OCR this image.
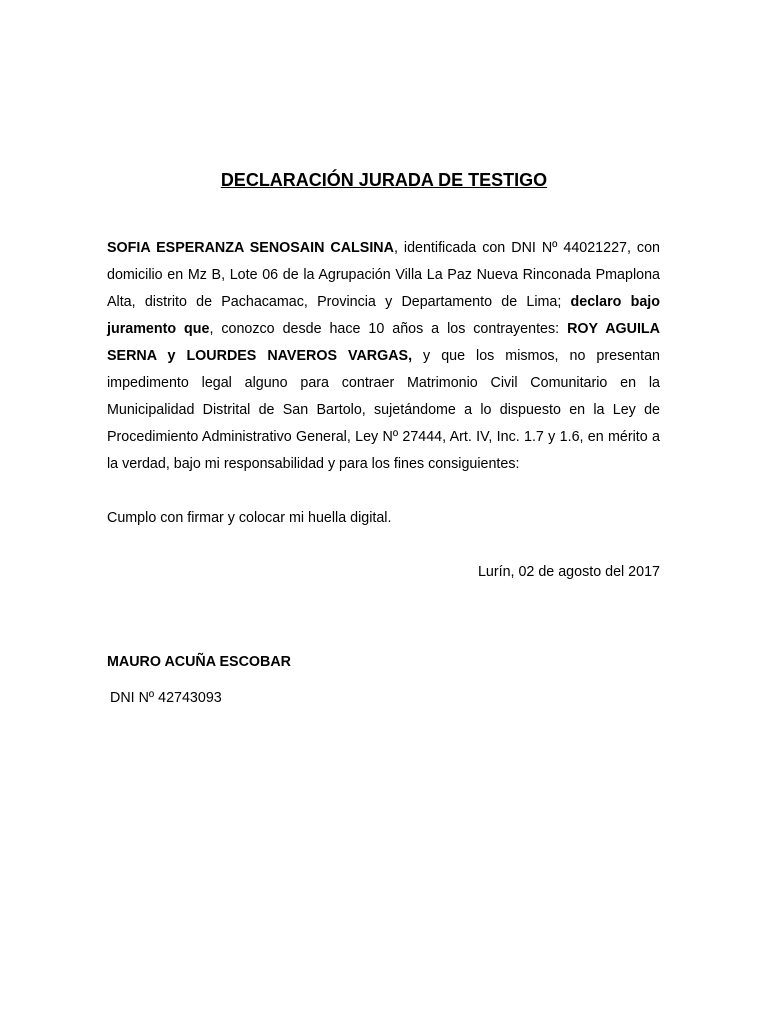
DECLARACIÓN JURADA DE TESTIGO
SOFIA ESPERANZA SENOSAIN CALSINA, identificada con DNI Nº 44021227, con domicilio en Mz B, Lote 06 de la Agrupación Villa La Paz Nueva Rinconada Pmaplona Alta, distrito de Pachacamac, Provincia y Departamento de Lima; declaro bajo juramento que, conozco desde hace 10 años a los contrayentes: ROY AGUILA SERNA y LOURDES NAVEROS VARGAS, y que los mismos, no presentan impedimento legal alguno para contraer Matrimonio Civil Comunitario en la Municipalidad Distrital de San Bartolo, sujetándome a lo dispuesto en la Ley de Procedimiento Administrativo General, Ley Nº 27444, Art. IV, Inc. 1.7 y 1.6, en mérito a la verdad, bajo mi responsabilidad y para los fines consiguientes:
Cumplo con firmar y colocar mi huella digital.
Lurín, 02 de agosto del 2017
MAURO ACUÑA ESCOBAR
DNI Nº 42743093
